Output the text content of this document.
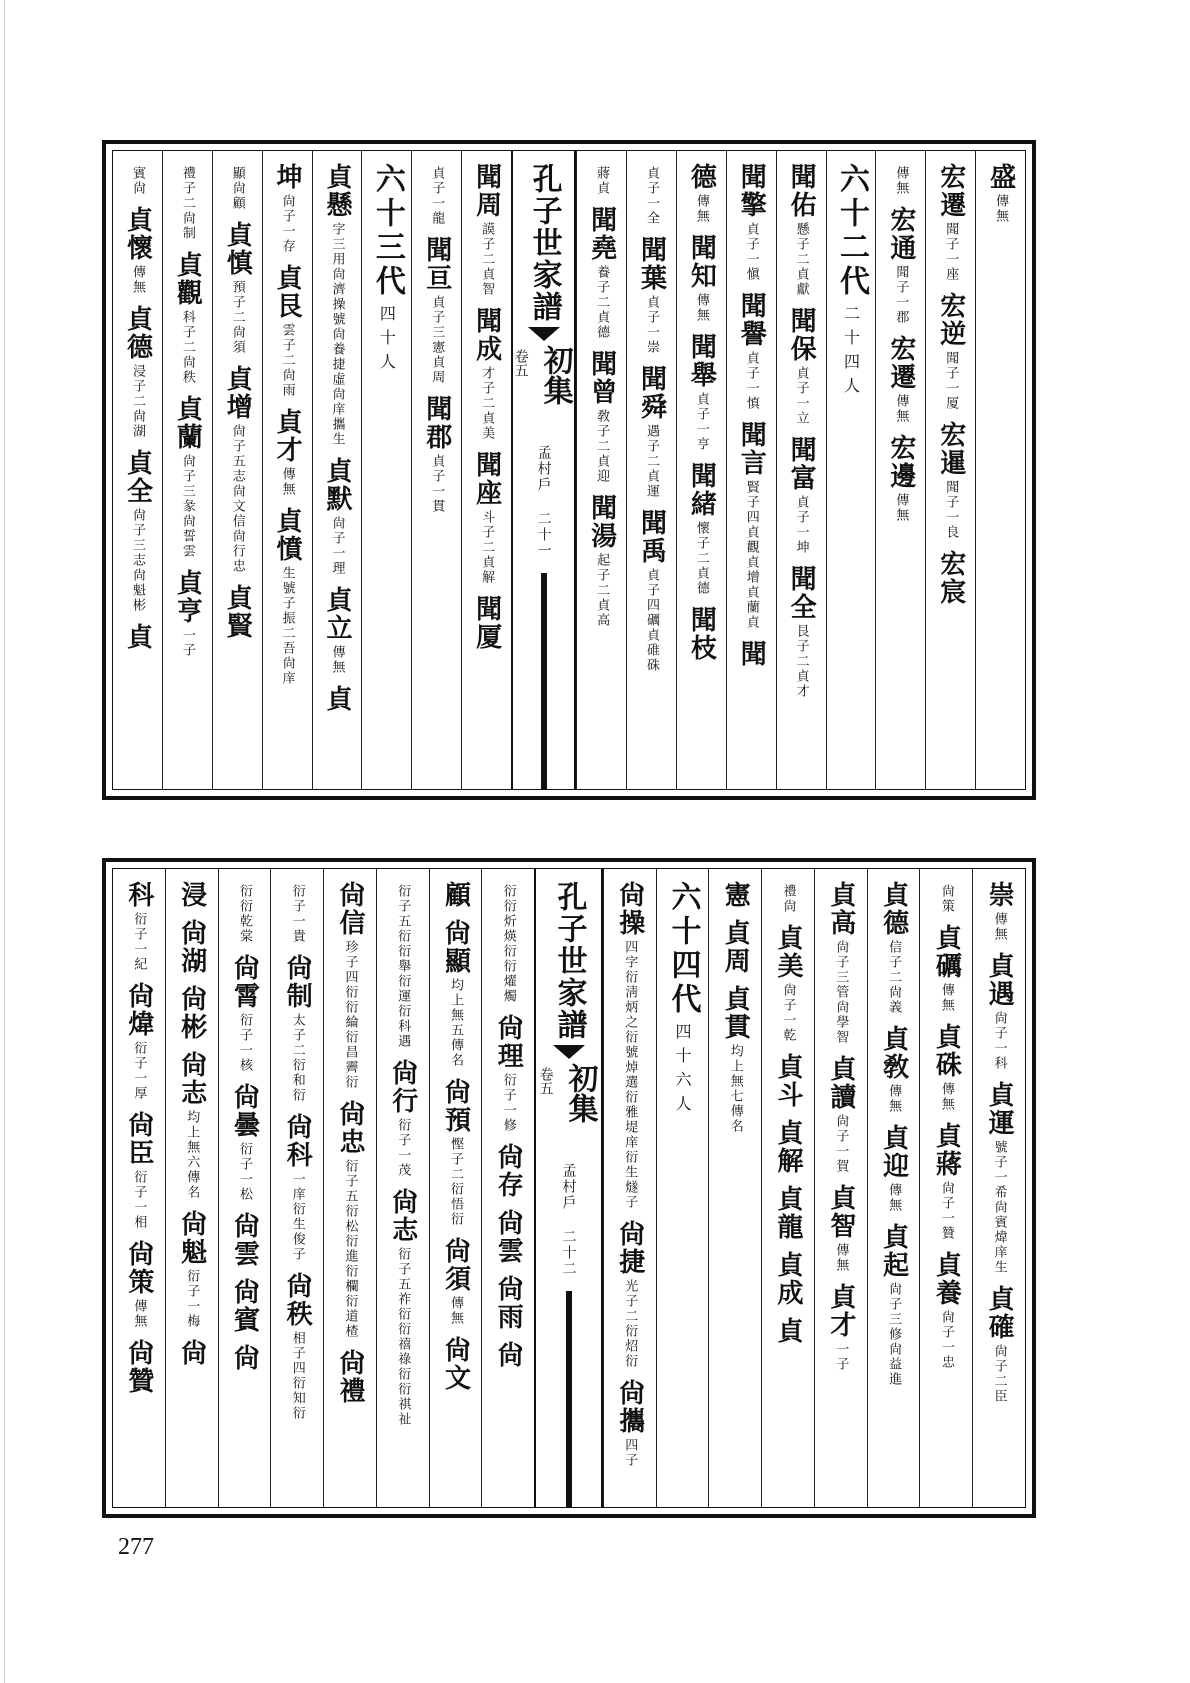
盛
傳無
宏遷
聞子一座
宏逆
聞子一厦
宏暹
聞子一良
宏宸
傳無
宏通
聞子一郡
宏遷
傳無
宏邊
傳無
六十二代
二十四人
聞佑
懸子二貞獻
聞保
貞子一立
聞富
貞子一坤
聞全
艮子二貞才
聞擎
貞子一愼
聞譽
貞子一慎
聞言
賢子四貞觀貞增貞蘭貞
聞
德
傳無
聞知
傳無
聞舉
貞子一亨
聞緒
懷子二貞德
聞枝
貞子一全
聞葉
貞子一崇
聞舜
遇子二貞運
聞禹
貞子四礪貞碓硃
蔣貞
聞堯
養子二貞德
聞曾
敎子二貞迎
聞湯
起子二貞高
孔子世家譜
初集
卷五
孟村戶
二十一
聞周
謨子二貞智
聞成
才子二貞美
聞座
斗子二貞解
聞厦
貞子一龍
聞亘
貞子三憲貞周
聞郡
貞子一貫
六十三代
四十人
貞懸
字三用尙濟操號尙養捷虛尙庠攜生
貞默
尙子一理
貞立
傳無
貞
坤
尙子一存
貞艮
雲子二尙雨
貞才
傳無
貞憤
生號子振二吾尙庠
顯尙顧
貞慎
預子二尙須
貞增
尙子五志尙文信尙行忠
貞賢
禮子二尙制
貞觀
科子二尙秩
貞蘭
尙子三彖尙誓雲
貞亨
一子
賓尙
貞懷
傳無
貞德
浸子二尙湖
貞全
尙子三志尙魁彬
貞
崇
傳無
貞遇
尙子一科
貞運
號子一希尙賓煒庠生
貞確
尙子二臣
尙策
貞礪
傳無
貞硃
傳無
貞蔣
尙子一贊
貞養
尙子一忠
貞德
信子二尙義
貞敎
傳無
貞迎
傳無
貞起
尙子三修尙益進
貞高
尙子三管尙學智
貞讀
尙子一賀
貞智
傳無
貞才
一子
禮尙
貞美
尙子一乾
貞斗
貞解
貞龍
貞成
貞
憲
貞周
貞貫
均上無七傳名
六十四代
四十六人
尙操
四字衍淸炳之衍號焯選衍雅堤庠衍生燧子
尙捷
光子二衍炤衍
尙攜
四子
孔子世家譜
初集
卷五
孟村戶
二十二
衍衍炘煐衍衍燿燭
尙理
衍子一修
尙存
尙雲
尙雨
尙
顧
尙顯
均上無五傳名
尙預
慳子二衍悟衍
尙須
傳無
尙文
衍子五衍衍舉衍運衍科遇
尙行
衍子一茂
尙志
衍子五祚衍衍禧祿衍衍祺祉
尙信
珍子四衍衍綸衍昌霽衍
尙忠
衍子五衍松衍進衍欄衍道楂
尙禮
衍子一貴
尙制
太子二衍和衍
尙科
一庠衍生俊子
尙秩
相子四衍知衍
衍衍乾棠
尙霄
衍子一核
尙曇
衍子一松
尙雲
尙賓
尙
浸
尙湖
尙彬
尙志
均上無六傳名
尙魁
衍子一梅
尙
科
衍子一紀
尙煒
衍子一厚
尙臣
衍子一相
尙策
傳無
尙贊
277
